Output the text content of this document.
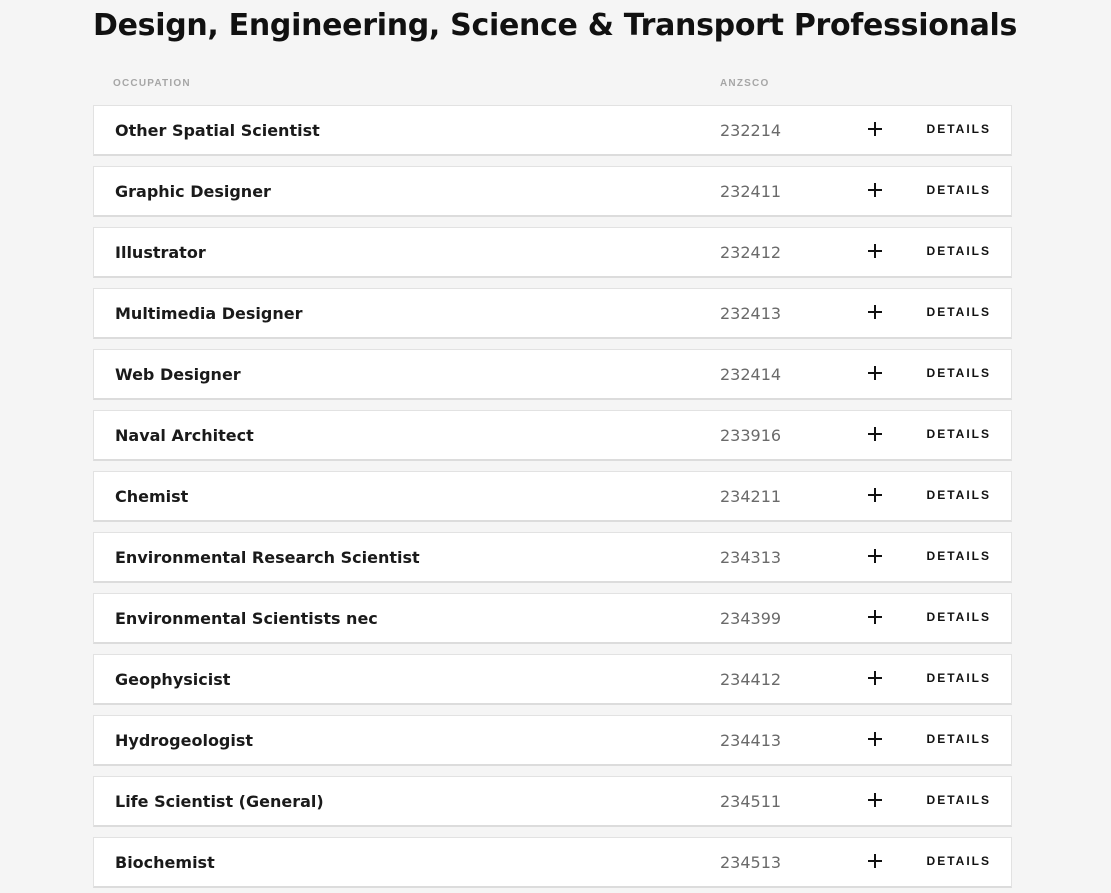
Design, Engineering, Science & Transport Professionals
OCCUPATION	ANZSCO
Other Spatial Scientist	232214	DETAILS
Graphic Designer	232411	DETAILS
Illustrator	232412	DETAILS
Multimedia Designer	232413	DETAILS
Web Designer	232414	DETAILS
Naval Architect	233916	DETAILS
Chemist	234211	DETAILS
Environmental Research Scientist	234313	DETAILS
Environmental Scientists nec	234399	DETAILS
Geophysicist	234412	DETAILS
Hydrogeologist	234413	DETAILS
Life Scientist (General)	234511	DETAILS
Biochemist	234513	DETAILS
